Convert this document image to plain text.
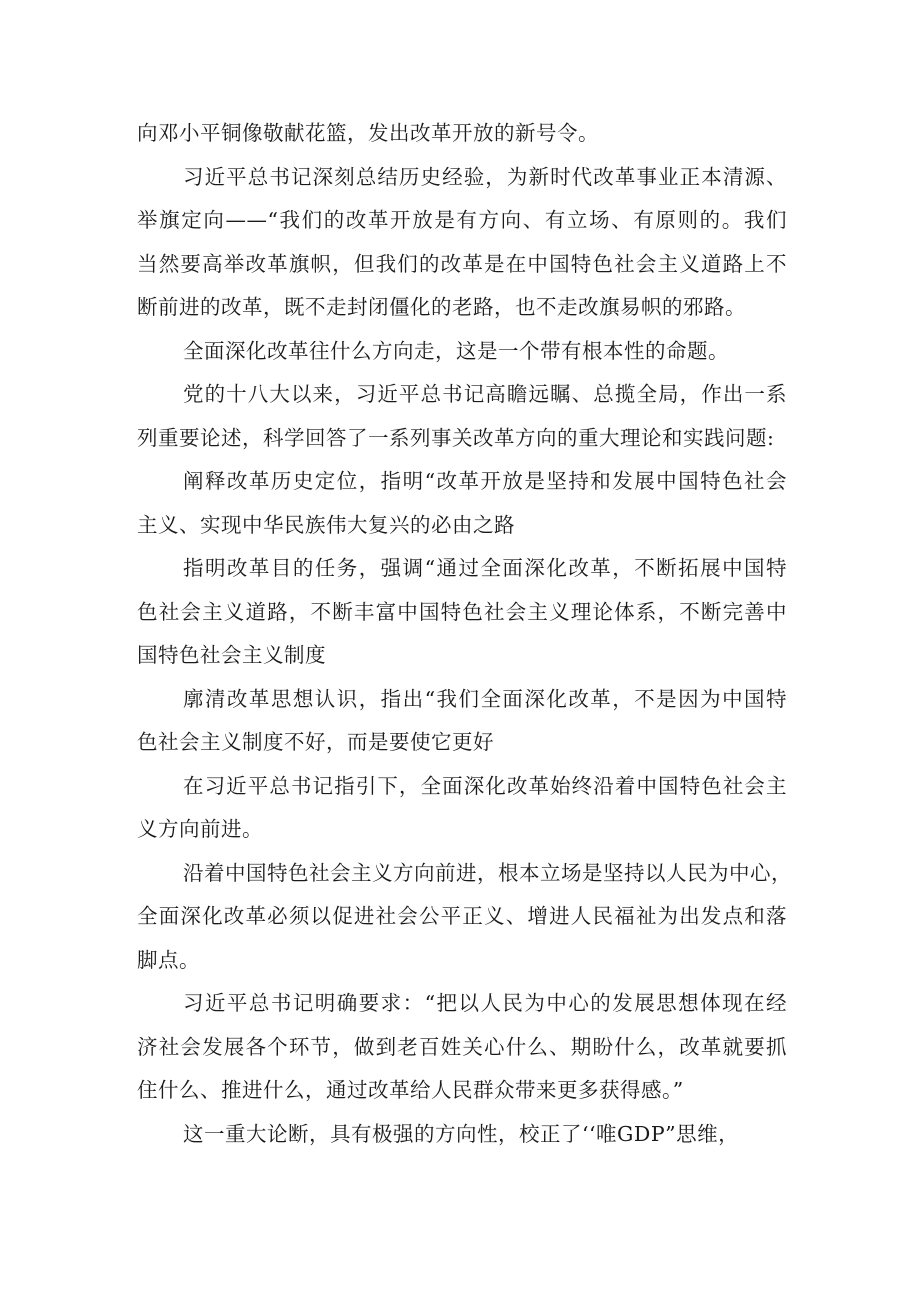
向邓小平铜像敬献花篮，发出改革开放的新号令。
习近平总书记深刻总结历史经验，为新时代改革事业正本清源、
举旗定向——“我们的改革开放是有方向、有立场、有原则的。我们
当然要高举改革旗帜，但我们的改革是在中国特色社会主义道路上不
断前进的改革，既不走封闭僵化的老路，也不走改旗易帜的邪路。
全面深化改革往什么方向走，这是一个带有根本性的命题。
党的十八大以来，习近平总书记高瞻远瞩、总揽全局，作出一系
列重要论述，科学回答了一系列事关改革方向的重大理论和实践问题:
阐释改革历史定位，指明“改革开放是坚持和发展中国特色社会
主义、实现中华民族伟大复兴的必由之路
指明改革目的任务，强调“通过全面深化改革，不断拓展中国特
色社会主义道路，不断丰富中国特色社会主义理论体系，不断完善中
国特色社会主义制度
廓清改革思想认识，指出“我们全面深化改革，不是因为中国特
色社会主义制度不好，而是要使它更好
在习近平总书记指引下，全面深化改革始终沿着中国特色社会主
义方向前进。
沿着中国特色社会主义方向前进，根本立场是坚持以人民为中心，
全面深化改革必须以促进社会公平正义、增进人民福祉为出发点和落
脚点。
习近平总书记明确要求：“把以人民为中心的发展思想体现在经
济社会发展各个环节，做到老百姓关心什么、期盼什么，改革就要抓
住什么、推进什么，通过改革给人民群众带来更多获得感。”
这一重大论断，具有极强的方向性，校正了‘‘唯GDP”思维，
